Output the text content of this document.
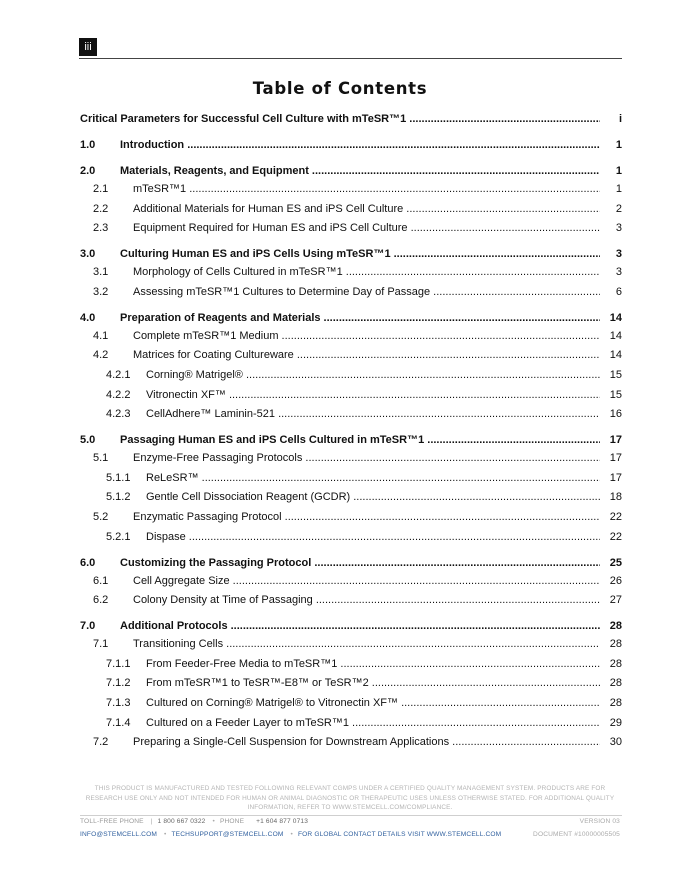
iii
Table of Contents
Critical Parameters for Successful Cell Culture with mTeSR™1 .....	i
1.0 Introduction .....	1
2.0 Materials, Reagents, and Equipment .....	1
2.1 mTeSR™1 .....	1
2.2 Additional Materials for Human ES and iPS Cell Culture .....	2
2.3 Equipment Required for Human ES and iPS Cell Culture .....	3
3.0 Culturing Human ES and iPS Cells Using mTeSR™1 .....	3
3.1 Morphology of Cells Cultured in mTeSR™1 .....	3
3.2 Assessing mTeSR™1 Cultures to Determine Day of Passage .....	6
4.0 Preparation of Reagents and Materials .....	14
4.1 Complete mTeSR™1 Medium .....	14
4.2 Matrices for Coating Cultureware .....	14
4.2.1 Corning® Matrigel® .....	15
4.2.2 Vitronectin XF™ .....	15
4.2.3 CellAdhere™ Laminin-521 .....	16
5.0 Passaging Human ES and iPS Cells Cultured in mTeSR™1 .....	17
5.1 Enzyme-Free Passaging Protocols .....	17
5.1.1 ReLeSR™ .....	17
5.1.2 Gentle Cell Dissociation Reagent (GCDR) .....	18
5.2 Enzymatic Passaging Protocol .....	22
5.2.1 Dispase .....	22
6.0 Customizing the Passaging Protocol .....	25
6.1 Cell Aggregate Size .....	26
6.2 Colony Density at Time of Passaging .....	27
7.0 Additional Protocols .....	28
7.1 Transitioning Cells .....	28
7.1.1 From Feeder-Free Media to mTeSR™1 .....	28
7.1.2 From mTeSR™1 to TeSR™-E8™ or TeSR™2 .....	28
7.1.3 Cultured on Corning® Matrigel® to Vitronectin XF™ .....	28
7.1.4 Cultured on a Feeder Layer to mTeSR™1 .....	29
7.2 Preparing a Single-Cell Suspension for Downstream Applications .....	30
THIS PRODUCT IS MANUFACTURED AND TESTED FOLLOWING RELEVANT CGMPS UNDER A CERTIFIED QUALITY MANAGEMENT SYSTEM. PRODUCTS ARE FOR RESEARCH USE ONLY AND NOT INTENDED FOR HUMAN OR ANIMAL DIAGNOSTIC OR THERAPEUTIC USES UNLESS OTHERWISE STATED. FOR ADDITIONAL QUALITY INFORMATION, REFER TO WWW.STEMCELL.COM/COMPLIANCE.
TOLL-FREE PHONE | 1 800 667 0322 • PHONE +1 604 877 0713	VERSION 03
INFO@STEMCELL.COM • TECHSUPPORT@STEMCELL.COM • FOR GLOBAL CONTACT DETAILS VISIT WWW.STEMCELL.COM	DOCUMENT #10000005505
